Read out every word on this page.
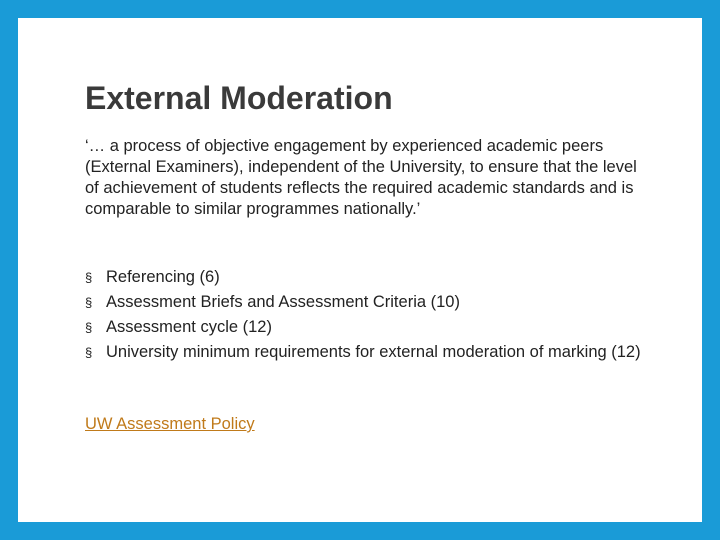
External Moderation

‘… a process of objective engagement by experienced academic peers (External Examiners), independent of the University, to ensure that the level of achievement of students reflects the required academic standards and is comparable to similar programmes nationally.’

§ Referencing (6)
§ Assessment Briefs and Assessment Criteria (10)
§ Assessment cycle (12)
§ University minimum requirements for external moderation of marking (12)
UW Assessment Policy
